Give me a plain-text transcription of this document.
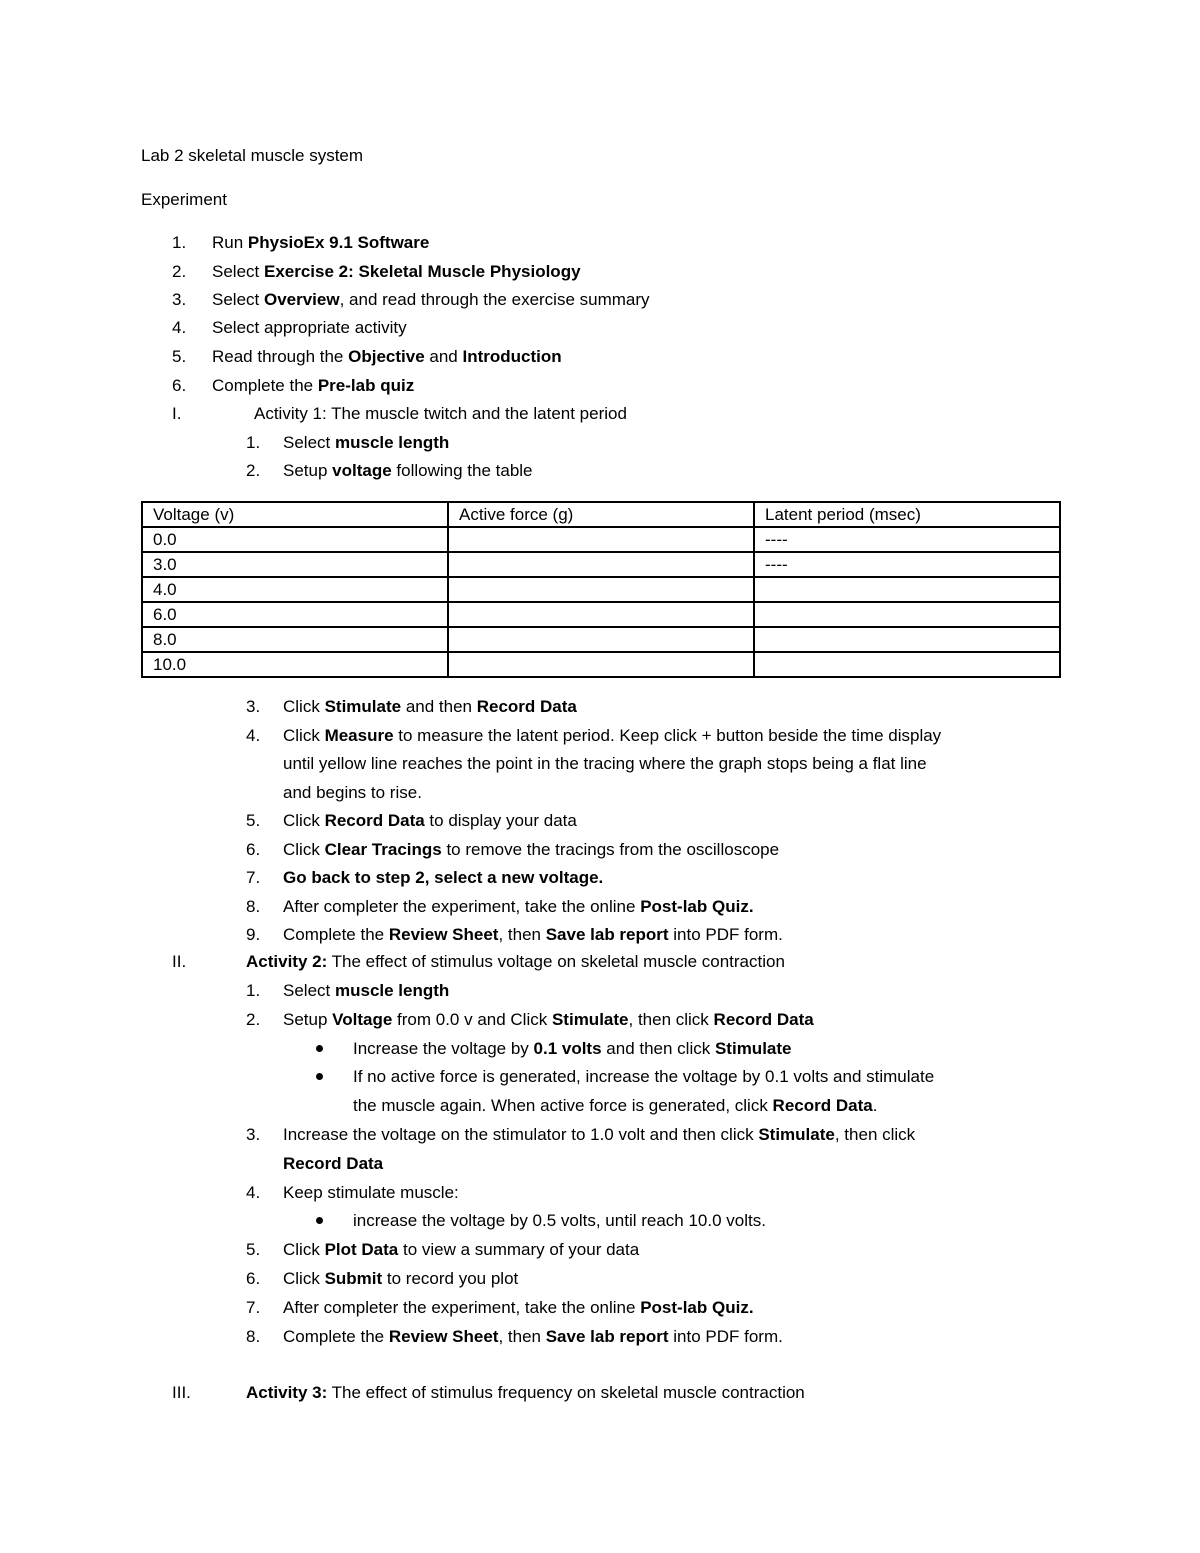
Lab 2 skeletal muscle system
Experiment
1. Run PhysioEx 9.1 Software
2. Select Exercise 2: Skeletal Muscle Physiology
3. Select Overview, and read through the exercise summary
4. Select appropriate activity
5. Read through the Objective and Introduction
6. Complete the Pre-lab quiz
I.	Activity 1: The muscle twitch and the latent period
1. Select muscle length
2. Setup voltage following the table
Voltage (v)	Active force (g)	Latent period (msec)
0.0		----
3.0		----
4.0		
6.0		
8.0		
10.0		
3. Click Stimulate and then Record Data
4. Click Measure to measure the latent period. Keep click + button beside the time display
until yellow line reaches the point in the tracing where the graph stops being a flat line
and begins to rise.
5. Click Record Data to display your data
6. Click Clear Tracings to remove the tracings from the oscilloscope
7. Go back to step 2, select a new voltage.
8. After completer the experiment, take the online Post-lab Quiz.
9. Complete the Review Sheet, then Save lab report into PDF form.
II.	Activity 2: The effect of stimulus voltage on skeletal muscle contraction
1. Select muscle length
2. Setup Voltage from 0.0 v and Click Stimulate, then click Record Data
Increase the voltage by 0.1 volts and then click Stimulate
If no active force is generated, increase the voltage by 0.1 volts and stimulate
the muscle again. When active force is generated, click Record Data.
3. Increase the voltage on the stimulator to 1.0 volt and then click Stimulate, then click
Record Data
4. Keep stimulate muscle:
increase the voltage by 0.5 volts, until reach 10.0 volts.
5. Click Plot Data to view a summary of your data
6. Click Submit to record you plot
7. After completer the experiment, take the online Post-lab Quiz.
8. Complete the Review Sheet, then Save lab report into PDF form.
III.	Activity 3: The effect of stimulus frequency on skeletal muscle contraction
